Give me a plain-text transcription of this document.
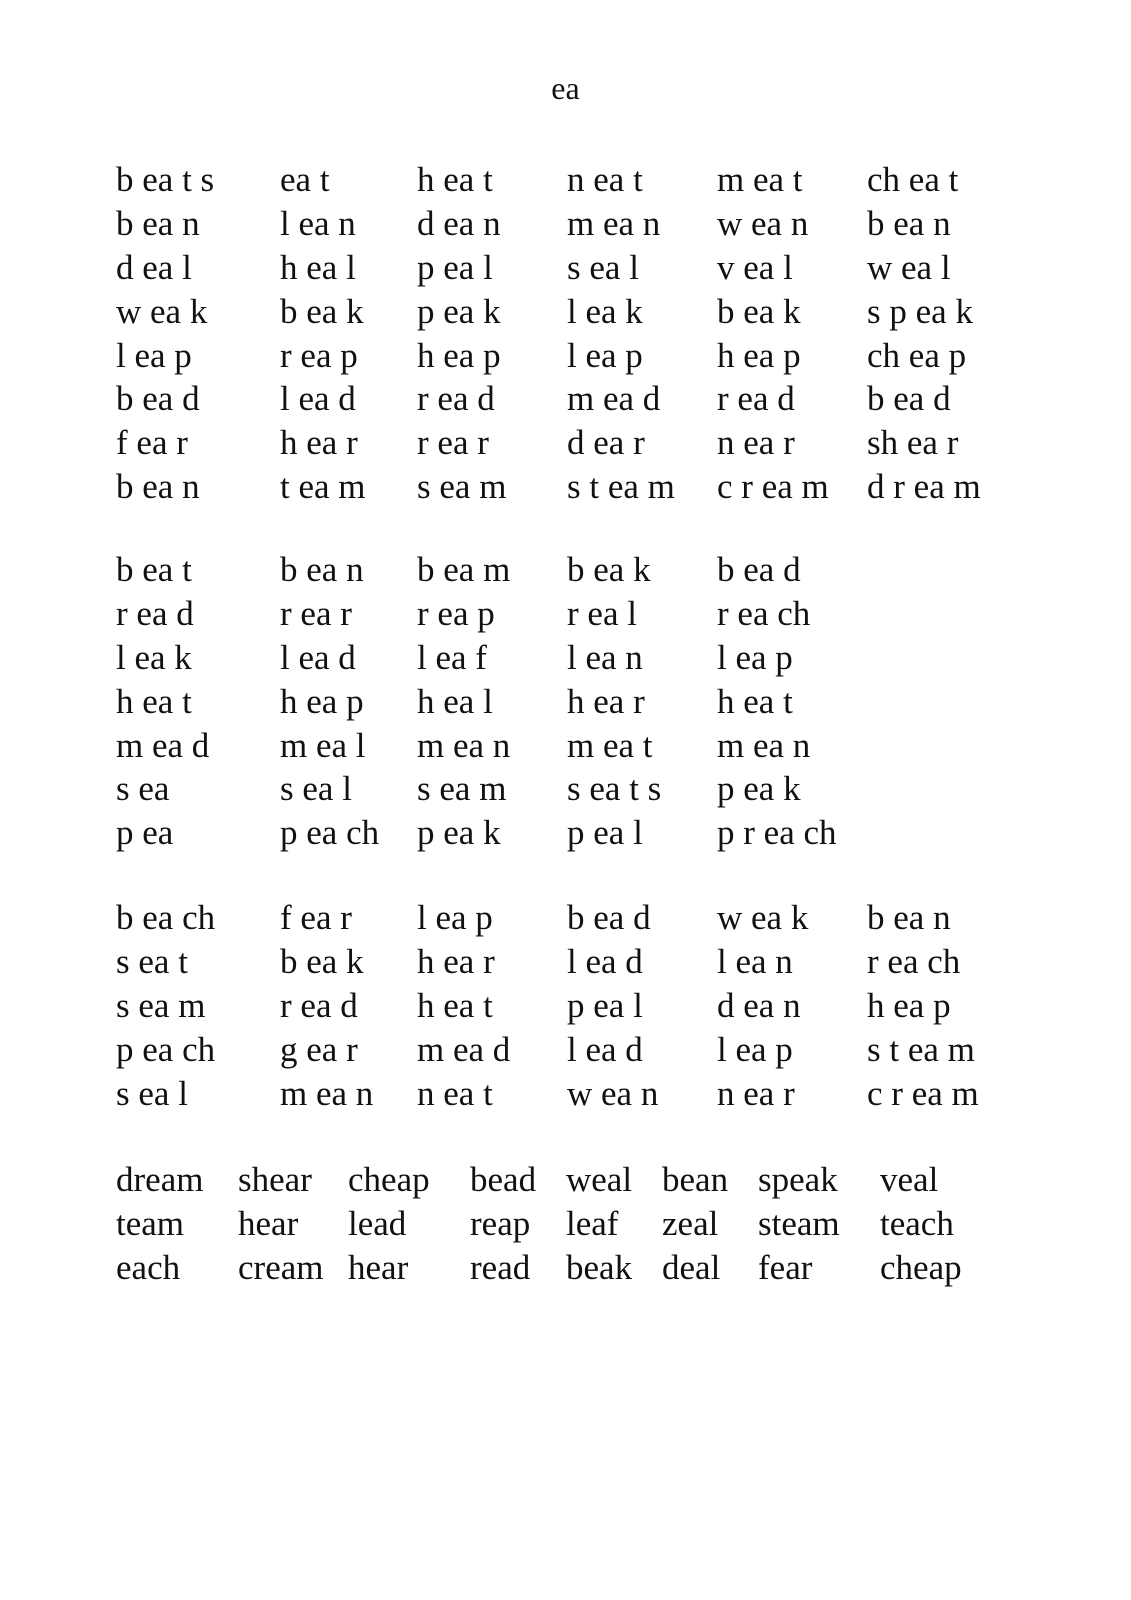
ea
b ea t s	ea t	h ea t	n ea t	m ea t	ch ea t
b ea n	l ea n	d ea n	m ea n	w ea n	b ea n
d ea l	h ea l	p ea l	s ea l	v ea l	w ea l
w ea k	b ea k	p ea k	l ea k	b ea k	s p ea k
l ea p	r ea p	h ea p	l ea p	h ea p	ch ea p
b ea d	l ea d	r ea d	m ea d	r ea d	b ea d
f ea r	h ea r	r ea r	d ea r	n ea r	sh ea r
b ea n	t ea m	s ea m	s t ea m	c r ea m	d r ea m
b ea t	b ea n	b ea m	b ea k	b ea d
r ea d	r ea r	r ea p	r ea l	r ea ch
l ea k	l ea d	l ea f	l ea n	l ea p
h ea t	h ea p	h ea l	h ea r	h ea t
m ea d	m ea l	m ea n	m ea t	m ea n
s ea	s ea l	s ea m	s ea t s	p ea k
p ea	p ea ch	p ea k	p ea l	p r ea ch
b ea ch	f ea r	l ea p	b ea d	w ea k	b ea n
s ea t	b ea k	h ea r	l ea d	l ea n	r ea ch
s ea m	r ea d	h ea t	p ea l	d ea n	h ea p
p ea ch	g ea r	m ea d	l ea d	l ea p	s t ea m
s ea l	m ea n	n ea t	w ea n	n ea r	c r ea m
dream shear	cheap	bead weal bean speak	veal
team	hear	lead	reap	leaf	zeal	steam	teach
each	cream hear	read	beak deal	fear	cheap
